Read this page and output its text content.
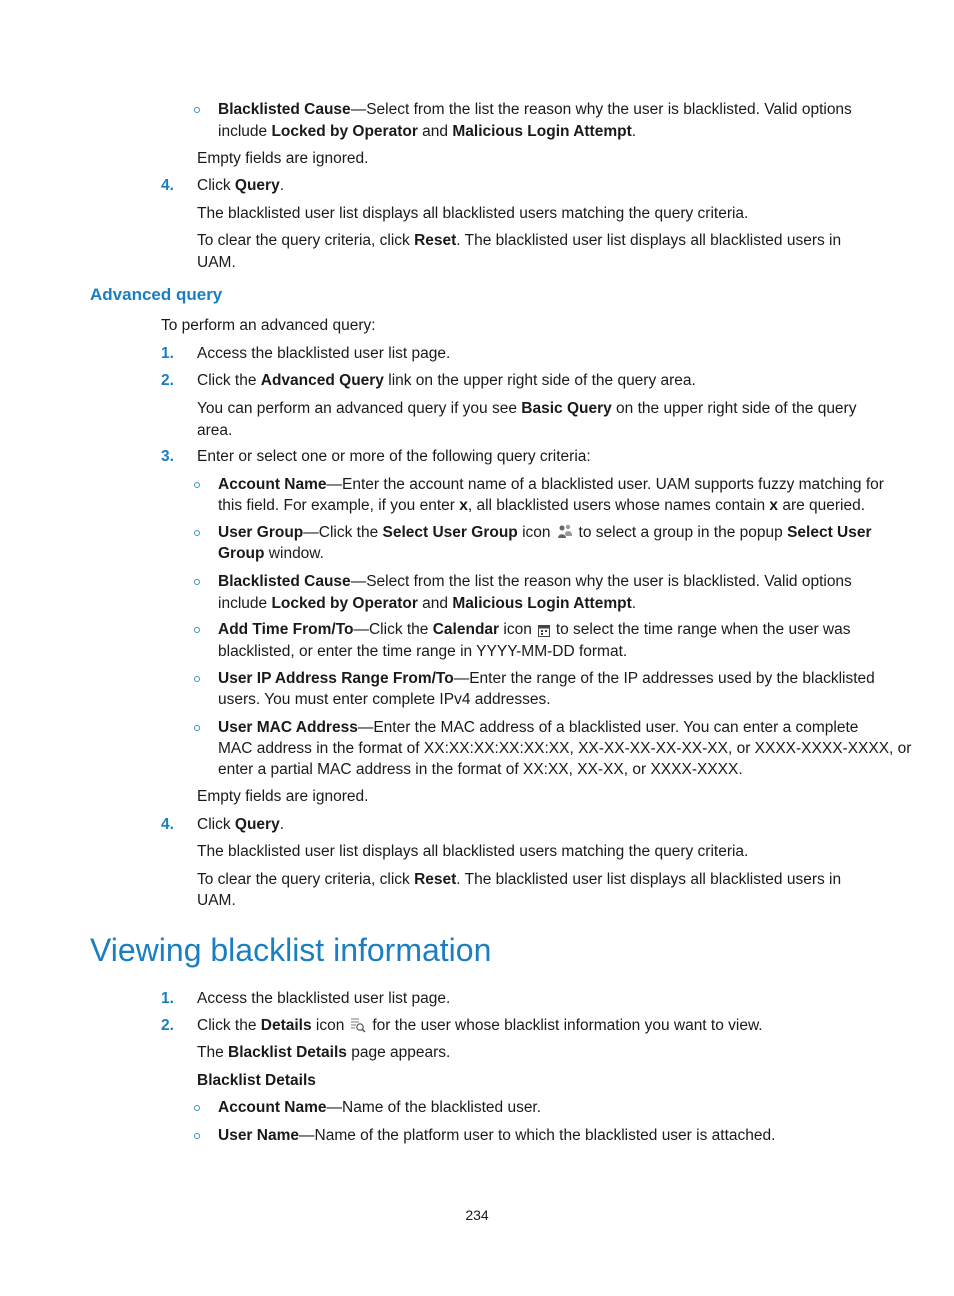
Blacklisted Cause—Select from the list the reason why the user is blacklisted. Valid options
include Locked by Operator and Malicious Login Attempt.
Empty fields are ignored.
4. Click Query.
The blacklisted user list displays all blacklisted users matching the query criteria.
To clear the query criteria, click Reset. The blacklisted user list displays all blacklisted users in
UAM.
Advanced query
To perform an advanced query:
1. Access the blacklisted user list page.
2. Click the Advanced Query link on the upper right side of the query area.
You can perform an advanced query if you see Basic Query on the upper right side of the query
area.
3. Enter or select one or more of the following query criteria:
Account Name—Enter the account name of a blacklisted user. UAM supports fuzzy matching for
this field. For example, if you enter x, all blacklisted users whose names contain x are queried.
User Group—Click the Select User Group icon to select a group in the popup Select User
Group window.
Blacklisted Cause—Select from the list the reason why the user is blacklisted. Valid options
include Locked by Operator and Malicious Login Attempt.
Add Time From/To—Click the Calendar icon to select the time range when the user was
blacklisted, or enter the time range in YYYY-MM-DD format.
User IP Address Range From/To—Enter the range of the IP addresses used by the blacklisted
users. You must enter complete IPv4 addresses.
User MAC Address—Enter the MAC address of a blacklisted user. You can enter a complete
MAC address in the format of XX:XX:XX:XX:XX:XX, XX-XX-XX-XX-XX-XX, or XXXX-XXXX-XXXX, or
enter a partial MAC address in the format of XX:XX, XX-XX, or XXXX-XXXX.
Empty fields are ignored.
4. Click Query.
The blacklisted user list displays all blacklisted users matching the query criteria.
To clear the query criteria, click Reset. The blacklisted user list displays all blacklisted users in
UAM.
Viewing blacklist information
1. Access the blacklisted user list page.
2. Click the Details icon for the user whose blacklist information you want to view.
The Blacklist Details page appears.
Blacklist Details
Account Name—Name of the blacklisted user.
User Name—Name of the platform user to which the blacklisted user is attached.
234
